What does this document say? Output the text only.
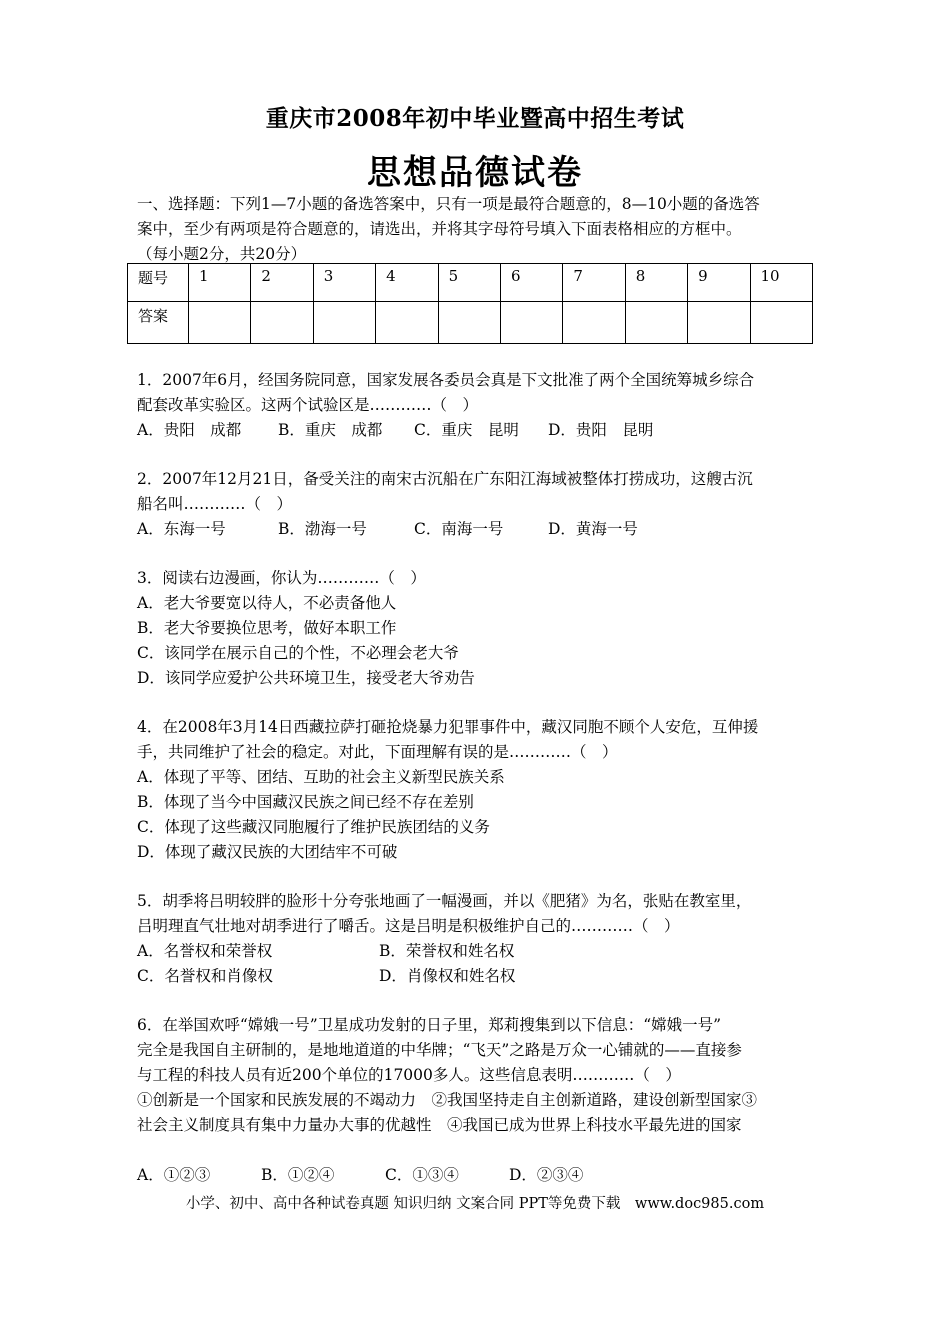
重庆市2008年初中毕业暨高中招生考试
思想品德试卷

一、选择题：下列1—7小题的备选答案中，只有一项是最符合题意的，8—10小题的备选答

案中，至少有两项是符合题意的，请选出，并将其字母符号填入下面表格相应的方框中。

（每小题2分，共20分）

题号	1	2	3	4	5	6	7	8	9	10
答案										

1．2007年6月，经国务院同意，国家发展各委员会真是下文批准了两个全国统筹城乡综合

配套改革实验区。这两个试验区是…………（　）

A．贵阳　成都 B．重庆　成都 C．重庆　昆明 D．贵阳　昆明

2．2007年12月21日，备受关注的南宋古沉船在广东阳江海域被整体打捞成功，这艘古沉

船名叫…………（　）

A．东海一号	B．渤海一号	C．南海一号	D．黄海一号

3．阅读右边漫画，你认为…………（　）

A．老大爷要宽以待人，不必责备他人

B．老大爷要换位思考，做好本职工作

C．该同学在展示自己的个性，不必理会老大爷

D．该同学应爱护公共环境卫生，接受老大爷劝告

4．在2008年3月14日西藏拉萨打砸抢烧暴力犯罪事件中，藏汉同胞不顾个人安危，互伸援

手，共同维护了社会的稳定。对此，下面理解有误的是…………（　）

A．体现了平等、团结、互助的社会主义新型民族关系

B．体现了当今中国藏汉民族之间已经不存在差别

C．体现了这些藏汉同胞履行了维护民族团结的义务

D．体现了藏汉民族的大团结牢不可破

5．胡季将吕明较胖的脸形十分夸张地画了一幅漫画，并以《肥猪》为名，张贴在教室里，

吕明理直气壮地对胡季进行了嚼舌。这是吕明是积极维护自己的…………（　）

A．名誉权和荣誉权	B．荣誉权和姓名权

C．名誉权和肖像权	D．肖像权和姓名权

6．在举国欢呼“嫦娥一号”卫星成功发射的日子里，郑莉搜集到以下信息：“嫦娥一号”

完全是我国自主研制的，是地地道道的中华牌；“飞天”之路是万众一心铺就的——直接参

与工程的科技人员有近200个单位的17000多人。这些信息表明…………（　）

①创新是一个国家和民族发展的不竭动力　②我国坚持走自主创新道路，建设创新型国家③

社会主义制度具有集中力量办大事的优越性　④我国已成为世界上科技水平最先进的国家

A．①②③	B．①②④	C．①③④	D．②③④

小学、初中、高中各种试卷真题 知识归纳 文案合同 PPT等免费下载　www.doc985.com
